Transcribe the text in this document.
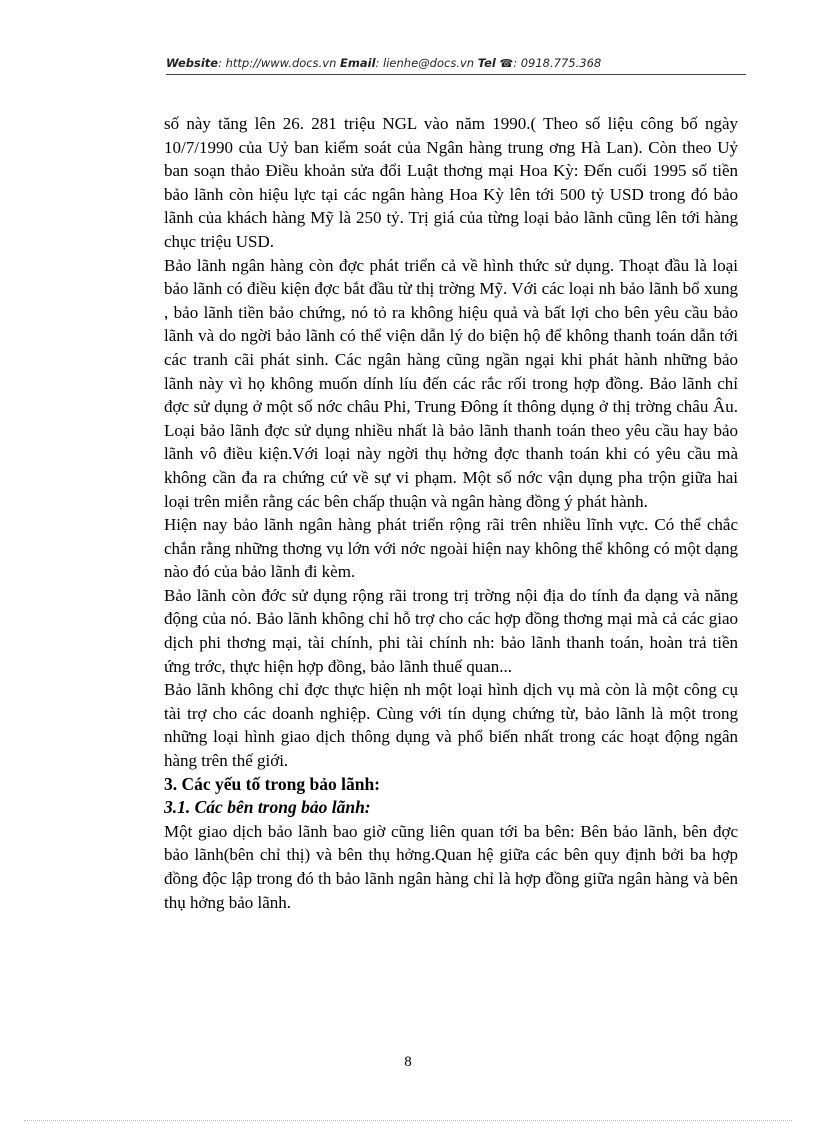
Website: http://www.docs.vn Email: lienhe@docs.vn Tel ☎: 0918.775.368

số này tăng lên 26. 281 triệu NGL vào năm 1990.( Theo số liệu công bố ngày 10/7/1990 của Uỷ ban kiểm soát của Ngân hàng trung ơng Hà Lan). Còn theo Uỷ ban soạn thảo Điều khoản sửa đổi Luật thơng mại Hoa Kỳ: Đến cuối 1995 số tiền bảo lãnh còn hiệu lực tại các ngân hàng Hoa Kỳ lên tới 500 tỷ USD trong đó bảo lãnh của khách hàng Mỹ là 250 tỷ. Trị giá của từng loại bảo lãnh cũng lên tới hàng chục triệu USD.

Bảo lãnh ngân hàng còn đợc phát triển cả về hình thức sử dụng. Thoạt đầu là loại bảo lãnh có điều kiện đợc bắt đầu từ thị trờng Mỹ. Với các loại nh bảo lãnh bổ xung , bảo lãnh tiền bảo chứng, nó tỏ ra không hiệu quả và bất lợi cho bên yêu cầu bảo lãnh và do ngời bảo lãnh có thể viện dẫn lý do biện hộ để không thanh toán dẫn tới các tranh cãi phát sinh. Các ngân hàng cũng ngần ngại khi phát hành những bảo lãnh này vì họ không muốn dính líu đến các rắc rối trong hợp đồng. Bảo lãnh chỉ đợc sử dụng ở một số nớc châu Phi, Trung Đông ít thông dụng ở thị trờng châu Âu. Loại bảo lãnh đợc sử dụng nhiều nhất là bảo lãnh thanh toán theo yêu cầu hay bảo lãnh vô điều kiện.Với loại này ngời thụ hởng đợc thanh toán khi có yêu cầu mà không cần đa ra chứng cứ về sự vi phạm. Một số nớc vận dụng pha trộn giữa hai loại trên miễn rằng các bên chấp thuận và ngân hàng đồng ý phát hành.

Hiện nay bảo lãnh ngân hàng phát triển rộng rãi trên nhiều lĩnh vực. Có thể chắc chắn rằng những thơng vụ lớn với nớc ngoài hiện nay không thể không có một dạng nào đó của bảo lãnh đi kèm.

Bảo lãnh còn đớc sử dụng rộng rãi trong trị trờng nội địa do tính đa dạng và năng động của nó. Bảo lãnh không chỉ hỗ trợ cho các hợp đồng thơng mại mà cả các giao dịch phi thơng mại, tài chính, phi tài chính nh: bảo lãnh thanh toán, hoàn trả tiền ứng trớc, thực hiện hợp đồng, bảo lãnh thuế quan...

Bảo lãnh không chỉ đợc thực hiện nh một loại hình dịch vụ mà còn là một công cụ tài trợ cho các doanh nghiệp. Cùng với tín dụng chứng từ, bảo lãnh là một trong những loại hình giao dịch thông dụng và phổ biến nhất trong các hoạt động ngân hàng trên thế giới.

3. Các yếu tố trong bảo lãnh:
3.1. Các bên trong bảo lãnh:

Một giao dịch bảo lãnh bao giờ cũng liên quan tới ba bên: Bên bảo lãnh, bên đợc bảo lãnh(bên chỉ thị) và bên thụ hởng.Quan hệ giữa các bên quy định bởi ba hợp đồng độc lập trong đó th bảo lãnh ngân hàng chỉ là hợp đồng giữa ngân hàng và bên thụ hởng bảo lãnh.

8
